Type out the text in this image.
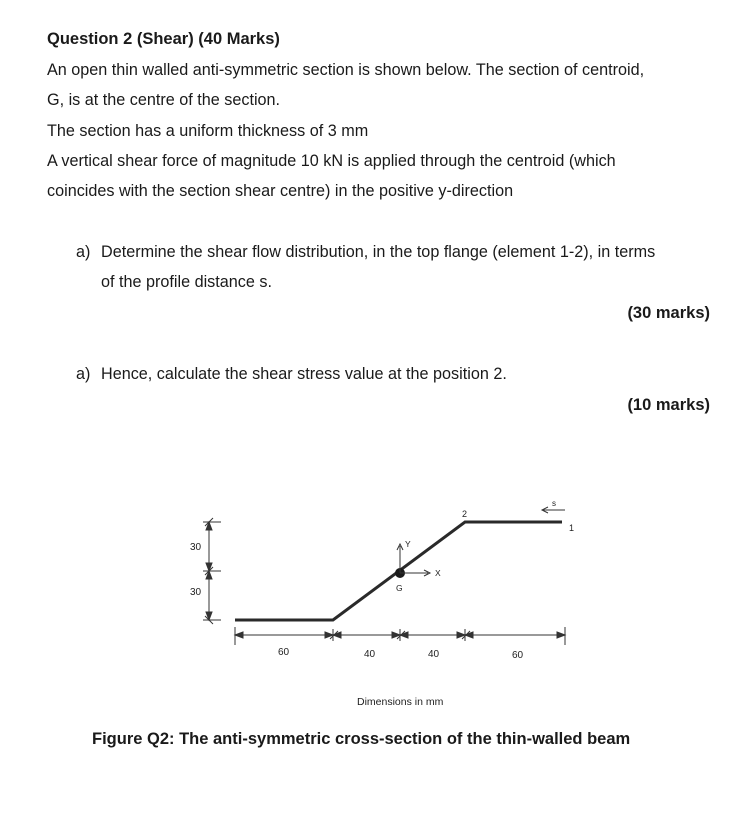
Question 2 (Shear) (40 Marks)
An open thin walled anti-symmetric section is shown below. The section of centroid,
G, is at the centre of the section.
The section has a uniform thickness of 3 mm
A vertical shear force of magnitude 10 kN is applied through the centroid (which
coincides with the section shear centre) in the positive y-direction
a) Determine the shear flow distribution, in the top flange (element 1-2), in terms
of the profile distance s.
(30 marks)
a) Hence, calculate the shear stress value at the position 2.
(10 marks)
30
30
60	40	40	60
Y
X
G
2
1
s
Dimensions in mm
Figure Q2: The anti-symmetric cross-section of the thin-walled beam
